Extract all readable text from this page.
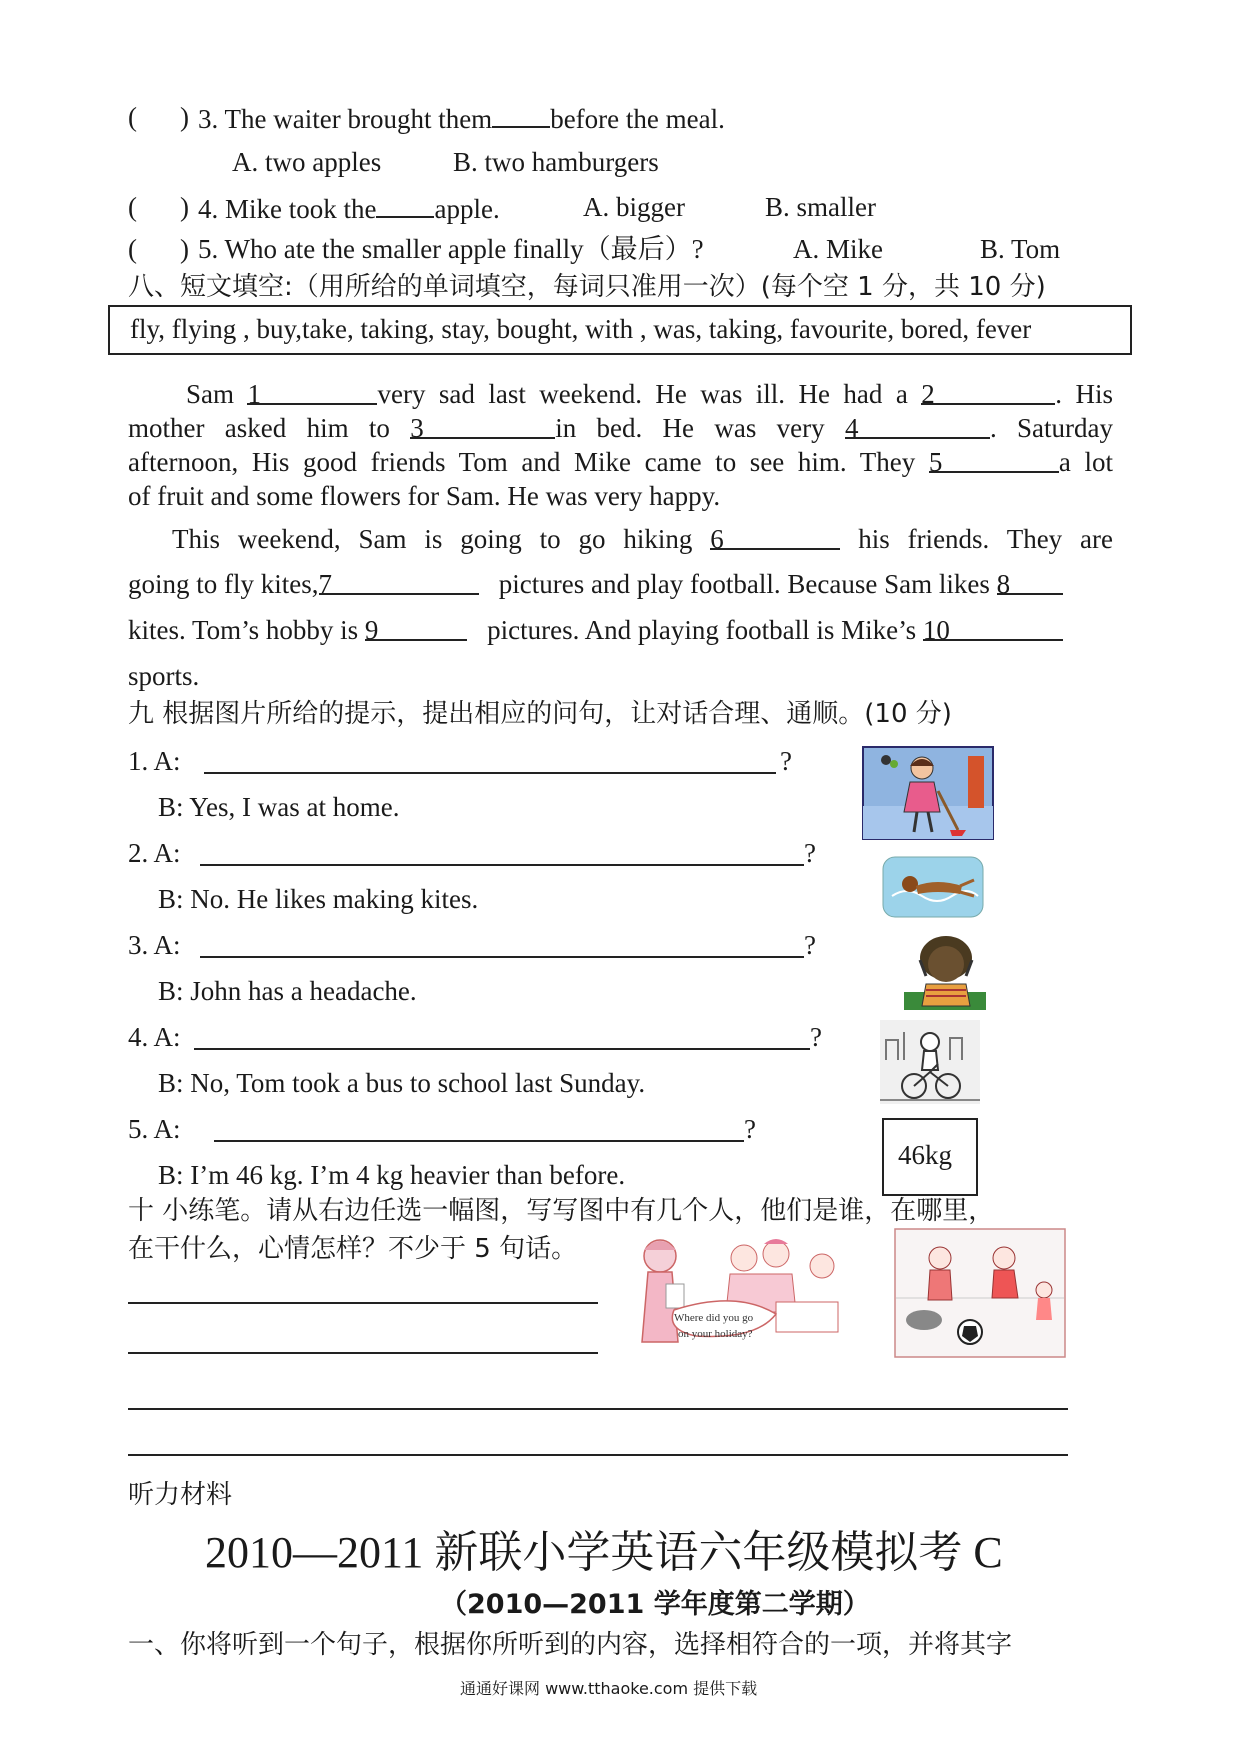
( ) 3. The waiter brought them before the meal.
A. two apples	B. two hamburgers
( ) 4. Mike took the apple.	A. bigger	B. smaller
( ) 5. Who ate the smaller apple finally（最后）?	A. Mike	B. Tom
八、短文填空:（用所给的单词填空，每词只准用一次）(每个空 1 分，共 10 分)
fly, flying , buy,take, taking, stay, bought, with , was, taking, favourite, bored, fever
Sam 1	very sad last weekend. He was ill. He had a 2	. His
mother asked him to 3	in bed. He was very 4	. Saturday
afternoon, His good friends Tom and Mike came to see him. They 5	a lot
of fruit and some flowers for Sam. He was very happy.
This weekend, Sam is going to go hiking 6	his friends. They are
going to fly kites,7	pictures and play football. Because Sam likes 8
kites. Tom’s hobby is 9	pictures. And playing football is Mike’s 10
sports.
九 根据图片所给的提示，提出相应的问句，让对话合理、通顺。(10 分)
1. A:	?
B: Yes, I was at home.
2. A:	?
B: No. He likes making kites.
3. A:	?
B: John has a headache.
4. A:	?
B: No, Tom took a bus to school last Sunday.
5. A:	?
B: I’m 46 kg. I’m 4 kg heavier than before.
46kg
十 小练笔。请从右边任选一幅图，写写图中有几个人，他们是谁，在哪里，
在干什么，心情怎样？不少于 5 句话。
Where did you go
on your holiday?
听力材料
2010—2011 新联小学英语六年级模拟考 C
（2010—2011 学年度第二学期）
一、你将听到一个句子，根据你所听到的内容，选择相符合的一项，并将其字
通通好课网 www.tthaoke.com 提供下载
